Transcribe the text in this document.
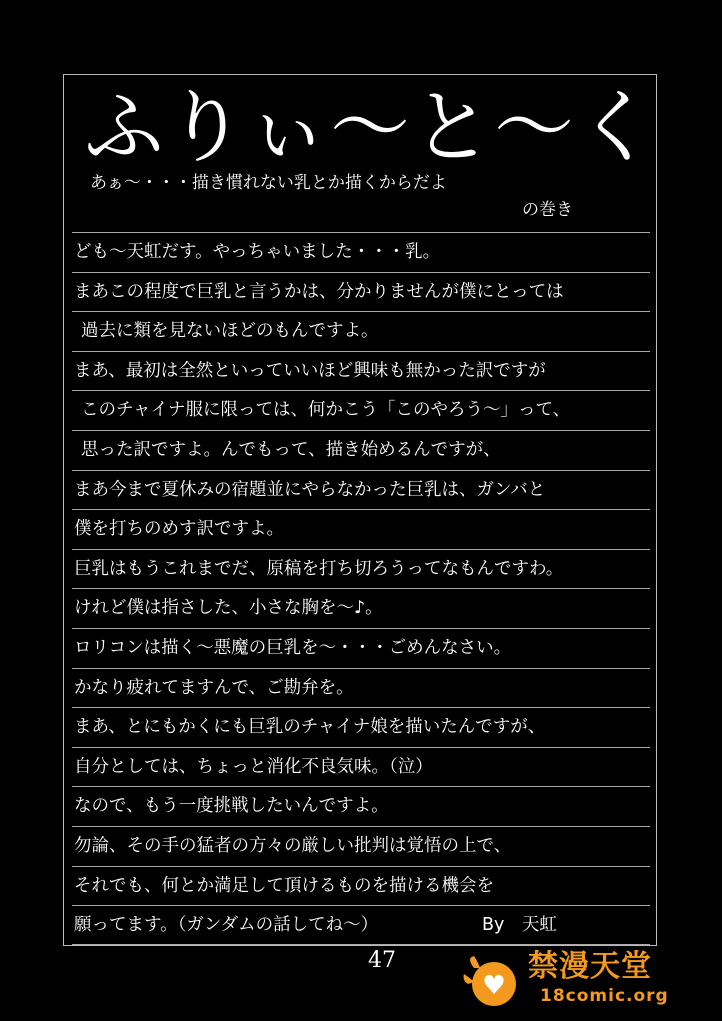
ふりぃ〜と〜く
あぁ〜・・・描き慣れない乳とか描くからだよ
の巻き
ども〜天虹だす。やっちゃいました・・・乳。
まあこの程度で巨乳と言うかは、分かりませんが僕にとっては
過去に類を見ないほどのもんですよ。
まあ、最初は全然といっていいほど興味も無かった訳ですが
このチャイナ服に限っては、何かこう「このやろう〜」って、
思った訳ですよ。んでもって、描き始めるんですが、
まあ今まで夏休みの宿題並にやらなかった巨乳は、ガンバと
僕を打ちのめす訳ですよ。
巨乳はもうこれまでだ、原稿を打ち切ろうってなもんですわ。
けれど僕は指さした、小さな胸を〜♪。
ロリコンは描く〜悪魔の巨乳を〜・・・ごめんなさい。
かなり疲れてますんで、ご勘弁を。
まあ、とにもかくにも巨乳のチャイナ娘を描いたんですが、
自分としては、ちょっと消化不良気味。（泣）
なので、もう一度挑戦したいんですよ。
勿論、その手の猛者の方々の厳しい批判は覚悟の上で、
それでも、何とか満足して頂けるものを描ける機会を
願ってます。（ガンダムの話してね〜）	By　天虹
47	禁漫天堂
18comic.org
